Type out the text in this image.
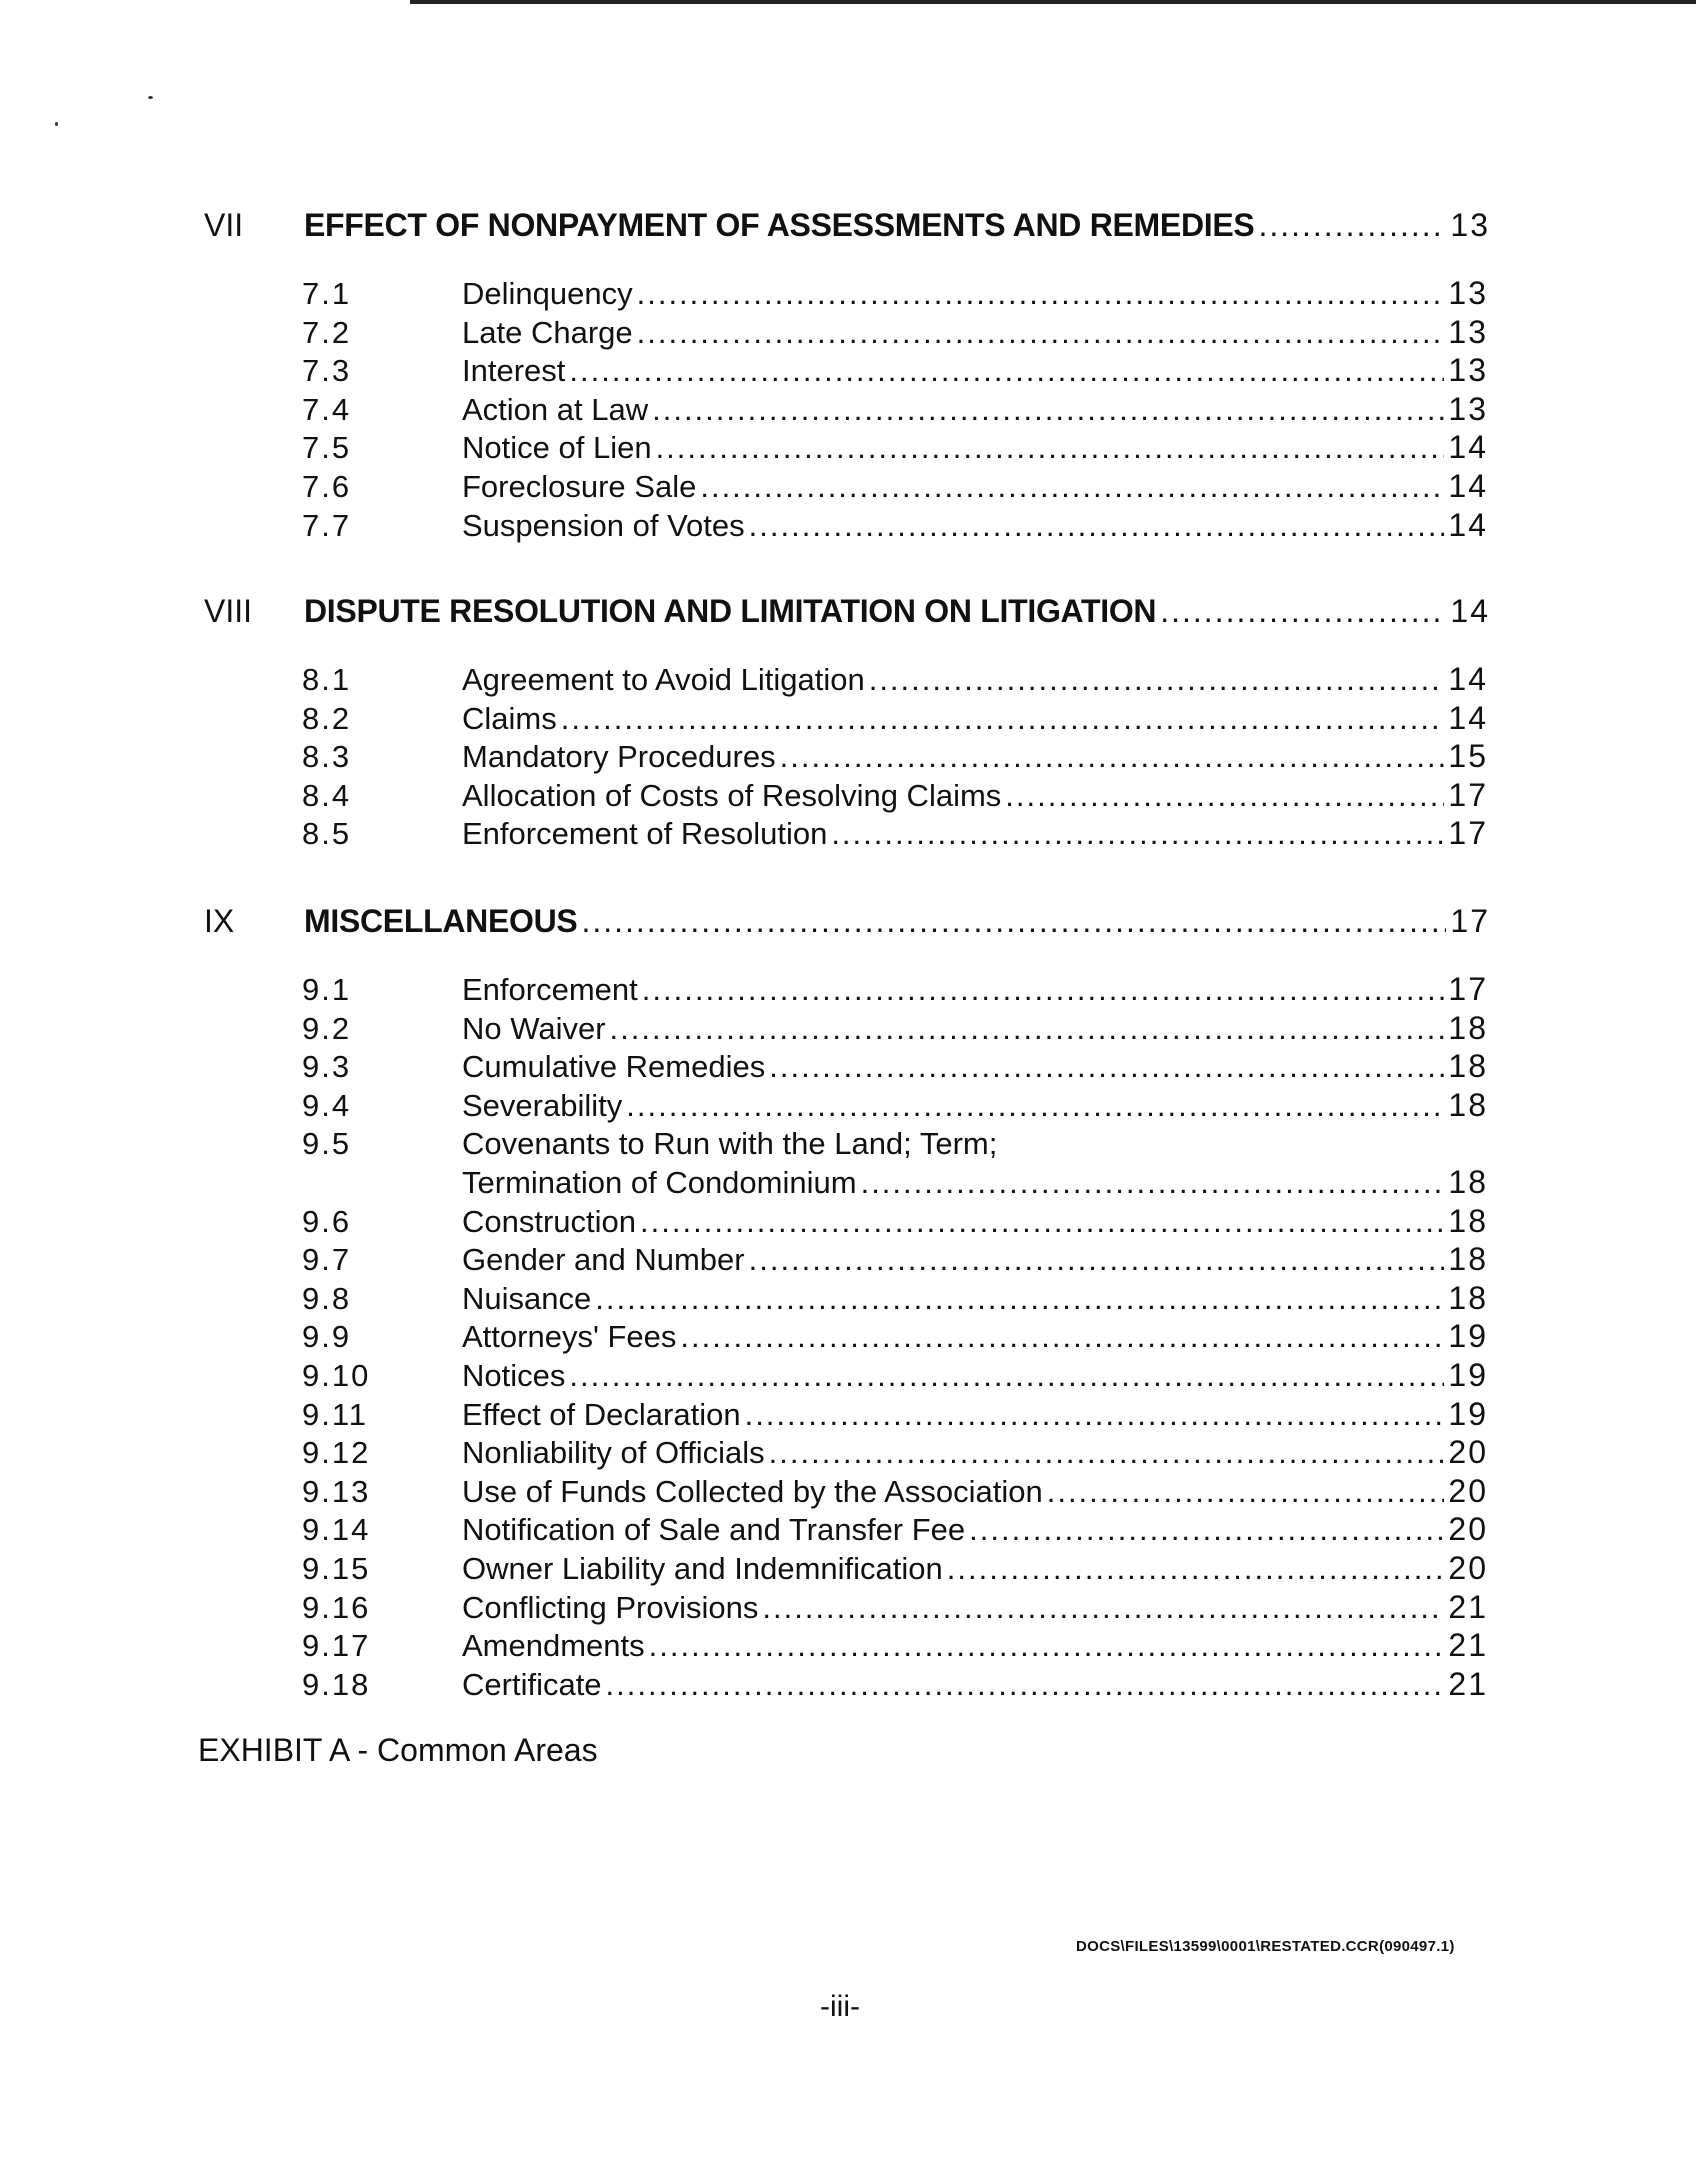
VII	EFFECT OF NONPAYMENT OF ASSESSMENTS AND REMEDIES .....	13
7.1	Delinquency .....	13
7.2	Late Charge .....	13
7.3	Interest .....	13
7.4	Action at Law .....	13
7.5	Notice of Lien .....	14
7.6	Foreclosure Sale .....	14
7.7	Suspension of Votes .....	14
VIII	DISPUTE RESOLUTION AND LIMITATION ON LITIGATION .....	14
8.1	Agreement to Avoid Litigation .....	14
8.2	Claims .....	14
8.3	Mandatory Procedures .....	15
8.4	Allocation of Costs of Resolving Claims .....	17
8.5	Enforcement of Resolution .....	17
IX	MISCELLANEOUS .....	17
9.1	Enforcement .....	17
9.2	No Waiver .....	18
9.3	Cumulative Remedies .....	18
9.4	Severability .....	18
9.5	Covenants to Run with the Land; Term;
Termination of Condominium .....	18
9.6	Construction .....	18
9.7	Gender and Number .....	18
9.8	Nuisance .....	18
9.9	Attorneys' Fees .....	19
9.10	Notices .....	19
9.11	Effect of Declaration .....	19
9.12	Nonliability of Officials .....	20
9.13	Use of Funds Collected by the Association .....	20
9.14	Notification of Sale and Transfer Fee .....	20
9.15	Owner Liability and Indemnification .....	20
9.16	Conflicting Provisions .....	21
9.17	Amendments .....	21
9.18	Certificate .....	21
EXHIBIT A - Common Areas
DOCS\FILES\13599\0001\RESTATED.CCR(090497.1)
-iii-
